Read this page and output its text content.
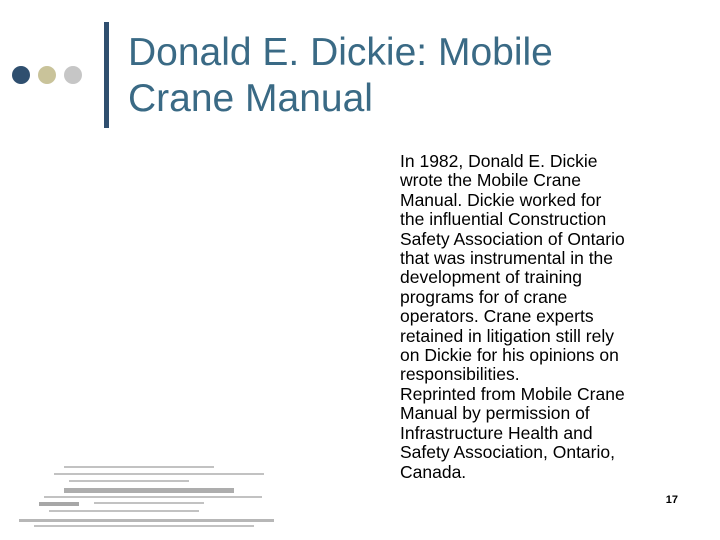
Donald E. Dickie: Mobile
Crane Manual

In 1982, Donald E. Dickie
wrote the Mobile Crane
Manual. Dickie worked for
the influential Construction
Safety Association of Ontario
that was instrumental in the
development of training
programs for of crane
operators. Crane experts
retained in litigation still rely
on Dickie for his opinions on
responsibilities.

Reprinted from Mobile Crane
Manual by permission of
Infrastructure Health and
Safety Association, Ontario,
Canada.

17
